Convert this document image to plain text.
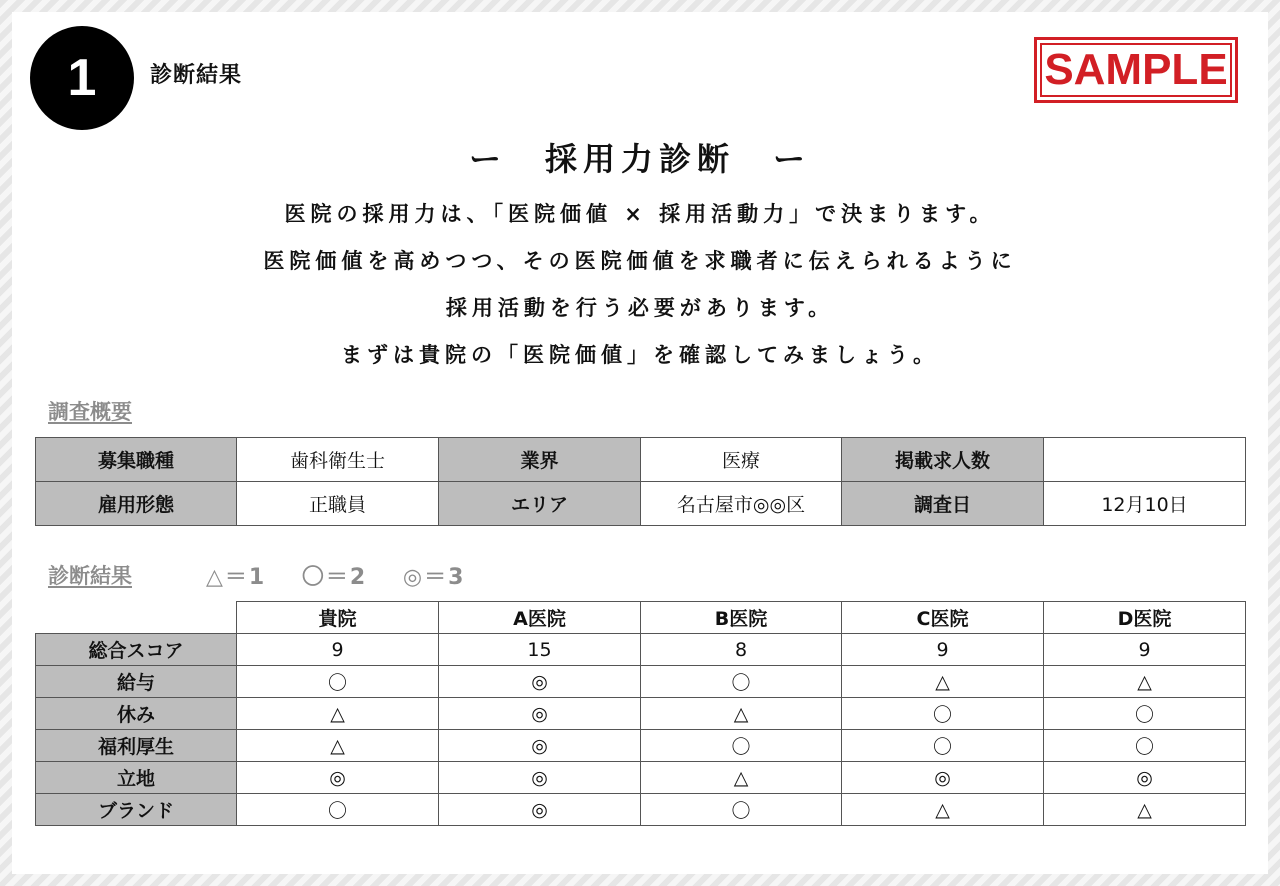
1 診断結果	SAMPLE
ー　採用力診断　ー
医院の採用力は、「医院価値 × 採用活動力」で決まります。
医院価値を高めつつ、その医院価値を求職者に伝えられるように
採用活動を行う必要があります。
まずは貴院の「医院価値」を確認してみましょう。
調査概要
募集職種	歯科衛生士	業界	医療	掲載求人数	
雇用形態	正職員	エリア	名古屋市◎◎区	調査日	12月10日
診断結果	△＝1 〇＝2 ◎＝3
	貴院	A医院	B医院	C医院	D医院
総合スコア	9	15	8	9	9
給与	〇	◎	〇	△	△
休み	△	◎	△	〇	〇
福利厚生	△	◎	〇	〇	〇
立地	◎	◎	△	◎	◎
ブランド	〇	◎	〇	△	△
